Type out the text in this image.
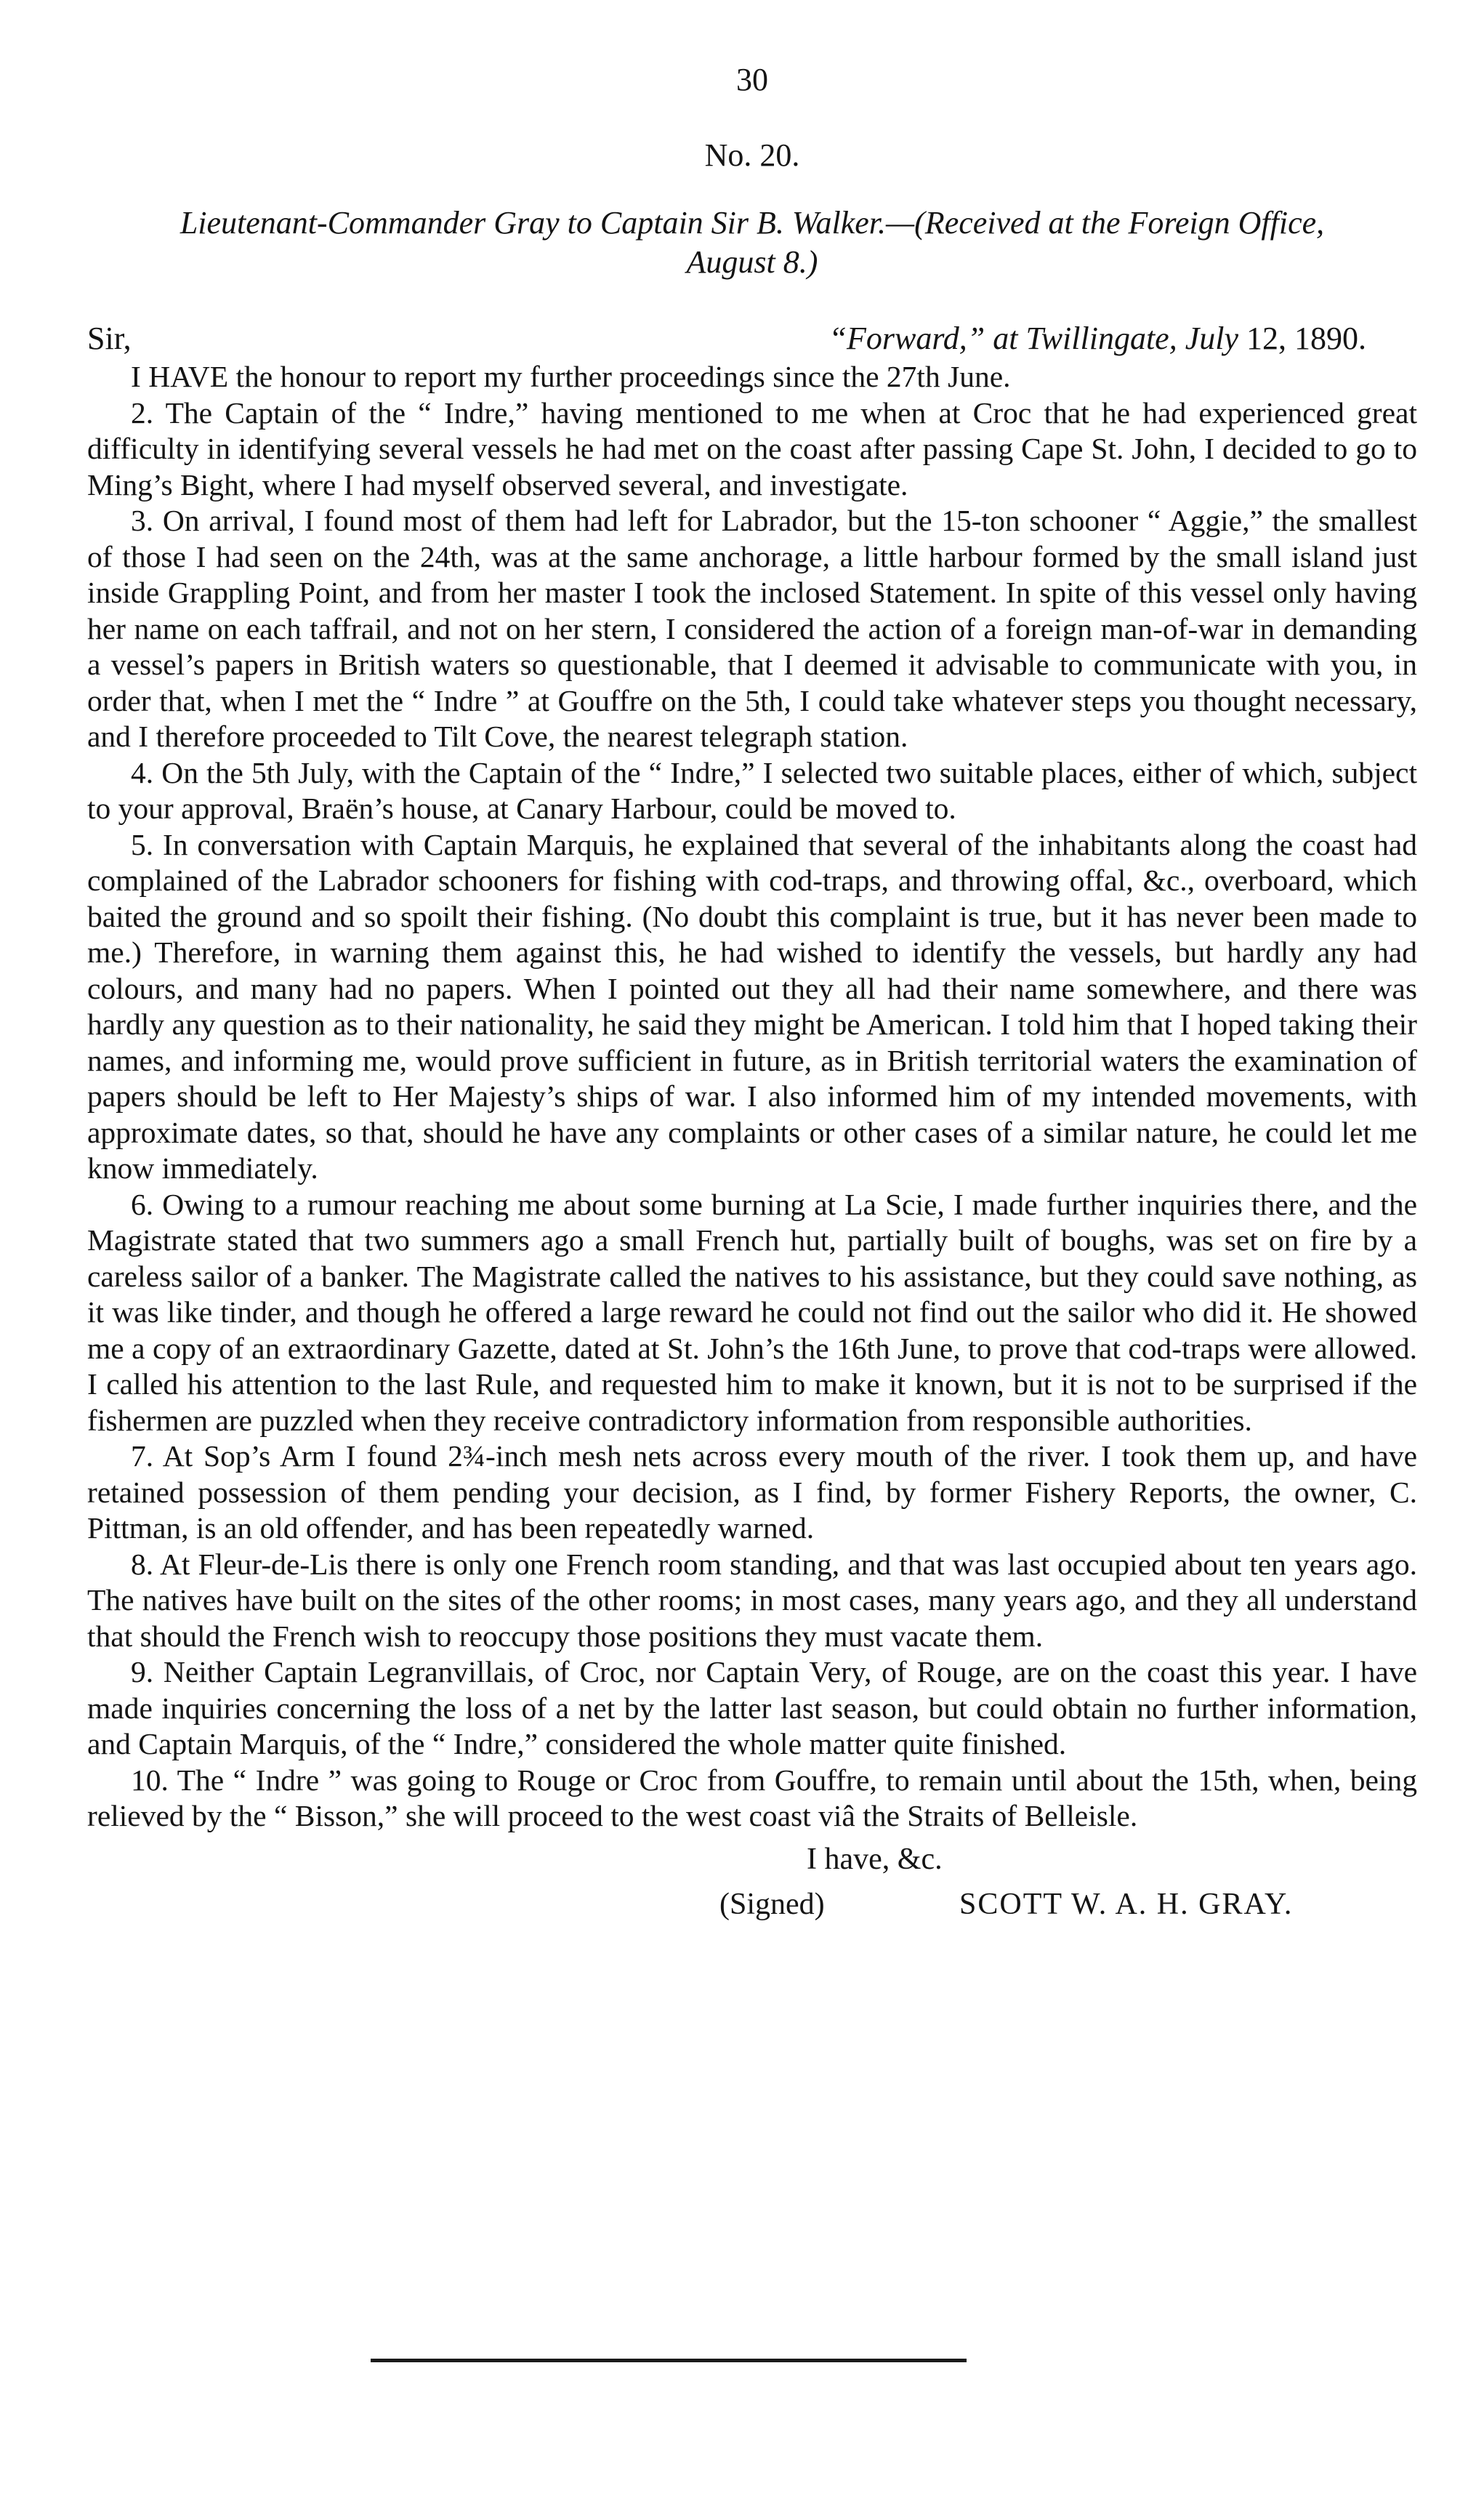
30
No. 20.
Lieutenant-Commander Gray to Captain Sir B. Walker.—(Received at the Foreign Office,
August 8.)
Sir,	“Forward,” at Twillingate, July 12, 1890.

I HAVE the honour to report my further proceedings since the 27th June.

2. The Captain of the “ Indre,” having mentioned to me when at Croc that he had experienced great difficulty in identifying several vessels he had met on the coast after passing Cape St. John, I decided to go to Ming’s Bight, where I had myself observed several, and investigate.

3. On arrival, I found most of them had left for Labrador, but the 15-ton schooner “ Aggie,” the smallest of those I had seen on the 24th, was at the same anchorage, a little harbour formed by the small island just inside Grappling Point, and from her master I took the inclosed Statement. In spite of this vessel only having her name on each taffrail, and not on her stern, I considered the action of a foreign man-of-war in demanding a vessel’s papers in British waters so questionable, that I deemed it advisable to communicate with you, in order that, when I met the “ Indre ” at Gouffre on the 5th, I could take whatever steps you thought necessary, and I therefore proceeded to Tilt Cove, the nearest telegraph station.

4. On the 5th July, with the Captain of the “ Indre,” I selected two suitable places, either of which, subject to your approval, Braën’s house, at Canary Harbour, could be moved to.

5. In conversation with Captain Marquis, he explained that several of the inhabitants along the coast had complained of the Labrador schooners for fishing with cod-traps, and throwing offal, &c., overboard, which baited the ground and so spoilt their fishing. (No doubt this complaint is true, but it has never been made to me.) Therefore, in warning them against this, he had wished to identify the vessels, but hardly any had colours, and many had no papers. When I pointed out they all had their name somewhere, and there was hardly any question as to their nationality, he said they might be American. I told him that I hoped taking their names, and informing me, would prove sufficient in future, as in British territorial waters the examination of papers should be left to Her Majesty’s ships of war. I also informed him of my intended movements, with approximate dates, so that, should he have any complaints or other cases of a similar nature, he could let me know immediately.

6. Owing to a rumour reaching me about some burning at La Scie, I made further inquiries there, and the Magistrate stated that two summers ago a small French hut, partially built of boughs, was set on fire by a careless sailor of a banker. The Magistrate called the natives to his assistance, but they could save nothing, as it was like tinder, and though he offered a large reward he could not find out the sailor who did it. He showed me a copy of an extraordinary Gazette, dated at St. John’s the 16th June, to prove that cod-traps were allowed. I called his attention to the last Rule, and requested him to make it known, but it is not to be surprised if the fishermen are puzzled when they receive contradictory information from responsible authorities.

7. At Sop’s Arm I found 2¾-inch mesh nets across every mouth of the river. I took them up, and have retained possession of them pending your decision, as I find, by former Fishery Reports, the owner, C. Pittman, is an old offender, and has been repeatedly warned.

8. At Fleur-de-Lis there is only one French room standing, and that was last occupied about ten years ago. The natives have built on the sites of the other rooms; in most cases, many years ago, and they all understand that should the French wish to reoccupy those positions they must vacate them.

9. Neither Captain Legranvillais, of Croc, nor Captain Very, of Rouge, are on the coast this year. I have made inquiries concerning the loss of a net by the latter last season, but could obtain no further information, and Captain Marquis, of the “ Indre,” considered the whole matter quite finished.

10. The “ Indre ” was going to Rouge or Croc from Gouffre, to remain until about the 15th, when, being relieved by the “ Bisson,” she will proceed to the west coast viâ the Straits of Belleisle.

I have, &c.
(Signed)	SCOTT W. A. H. GRAY.
